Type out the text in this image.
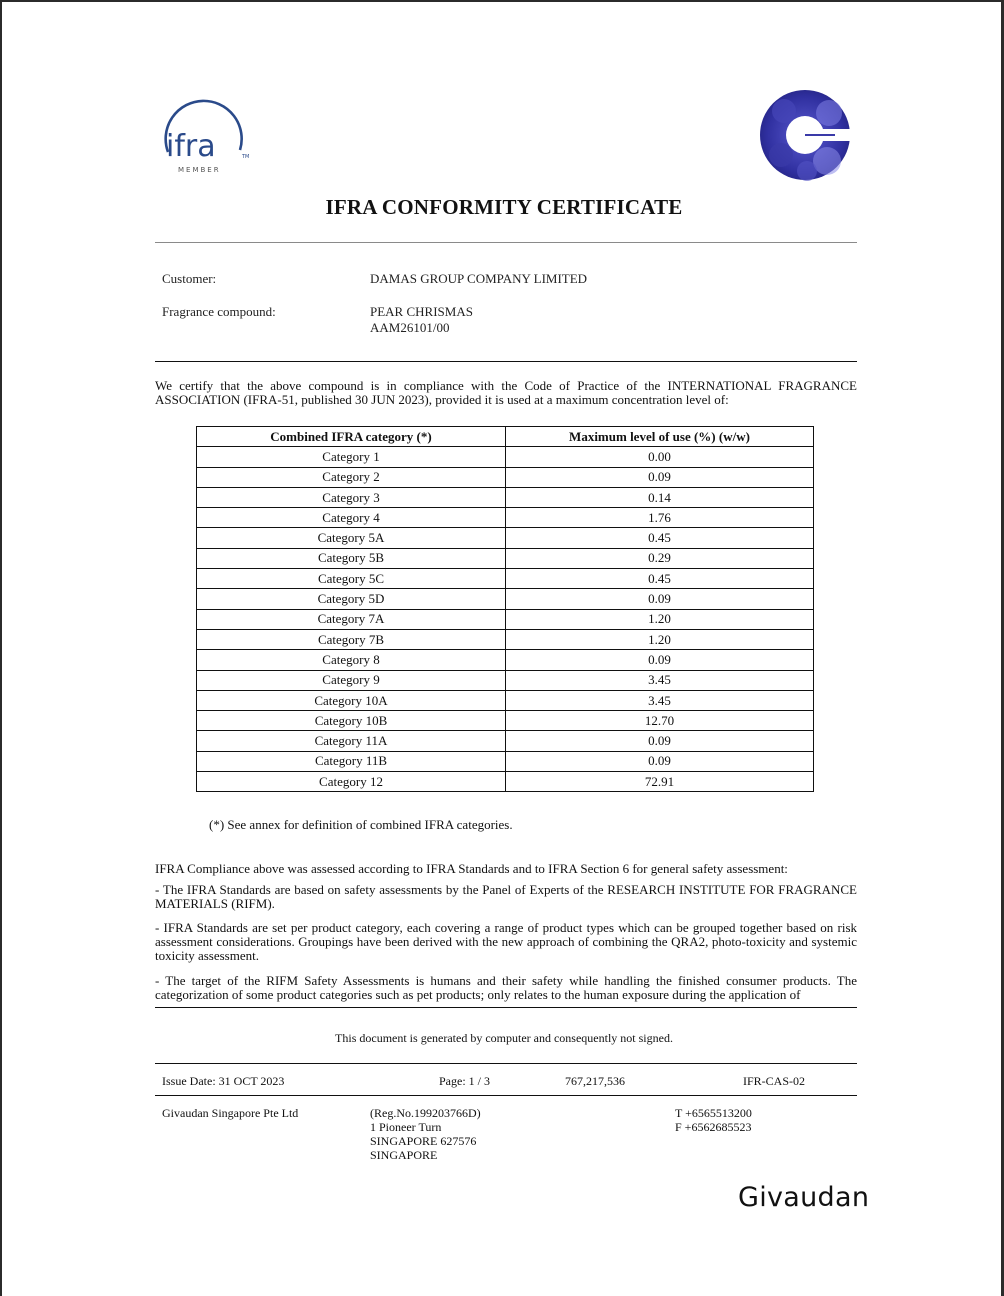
ifra	TM
MEMBER
IFRA CONFORMITY CERTIFICATE
Customer:	DAMAS GROUP COMPANY LIMITED
Fragrance compound:	PEAR CHRISMAS
AAM26101/00
We certify that the above compound is in compliance with the Code of Practice of the INTERNATIONAL FRAGRANCE ASSOCIATION (IFRA-51, published 30 JUN 2023), provided it is used at a maximum concentration level of:
Combined IFRA category (*)	Maximum level of use (%) (w/w)
Category 1	0.00
Category 2	0.09
Category 3	0.14
Category 4	1.76
Category 5A	0.45
Category 5B	0.29
Category 5C	0.45
Category 5D	0.09
Category 7A	1.20
Category 7B	1.20
Category 8	0.09
Category 9	3.45
Category 10A	3.45
Category 10B	12.70
Category 11A	0.09
Category 11B	0.09
Category 12	72.91
(*) See annex for definition of combined IFRA categories.
IFRA Compliance above was assessed according to IFRA Standards and to IFRA Section 6 for general safety assessment:
- The IFRA Standards are based on safety assessments by the Panel of Experts of the RESEARCH INSTITUTE FOR FRAGRANCE MATERIALS (RIFM).
- IFRA Standards are set per product category, each covering a range of product types which can be grouped together based on risk assessment considerations. Groupings have been derived with the new approach of combining the QRA2, photo-toxicity and systemic toxicity assessment.
- The target of the RIFM Safety Assessments is humans and their safety while handling the finished consumer products. The categorization of some product categories such as pet products; only relates to the human exposure during the application of
This document is generated by computer and consequently not signed.
Issue Date: 31 OCT 2023	Page: 1 / 3	767,217,536	IFR-CAS-02
Givaudan Singapore Pte Ltd	(Reg.No.199203766D)
1 Pioneer Turn
SINGAPORE 627576
SINGAPORE
T +6565513200
F +6562685523
Givaudan
